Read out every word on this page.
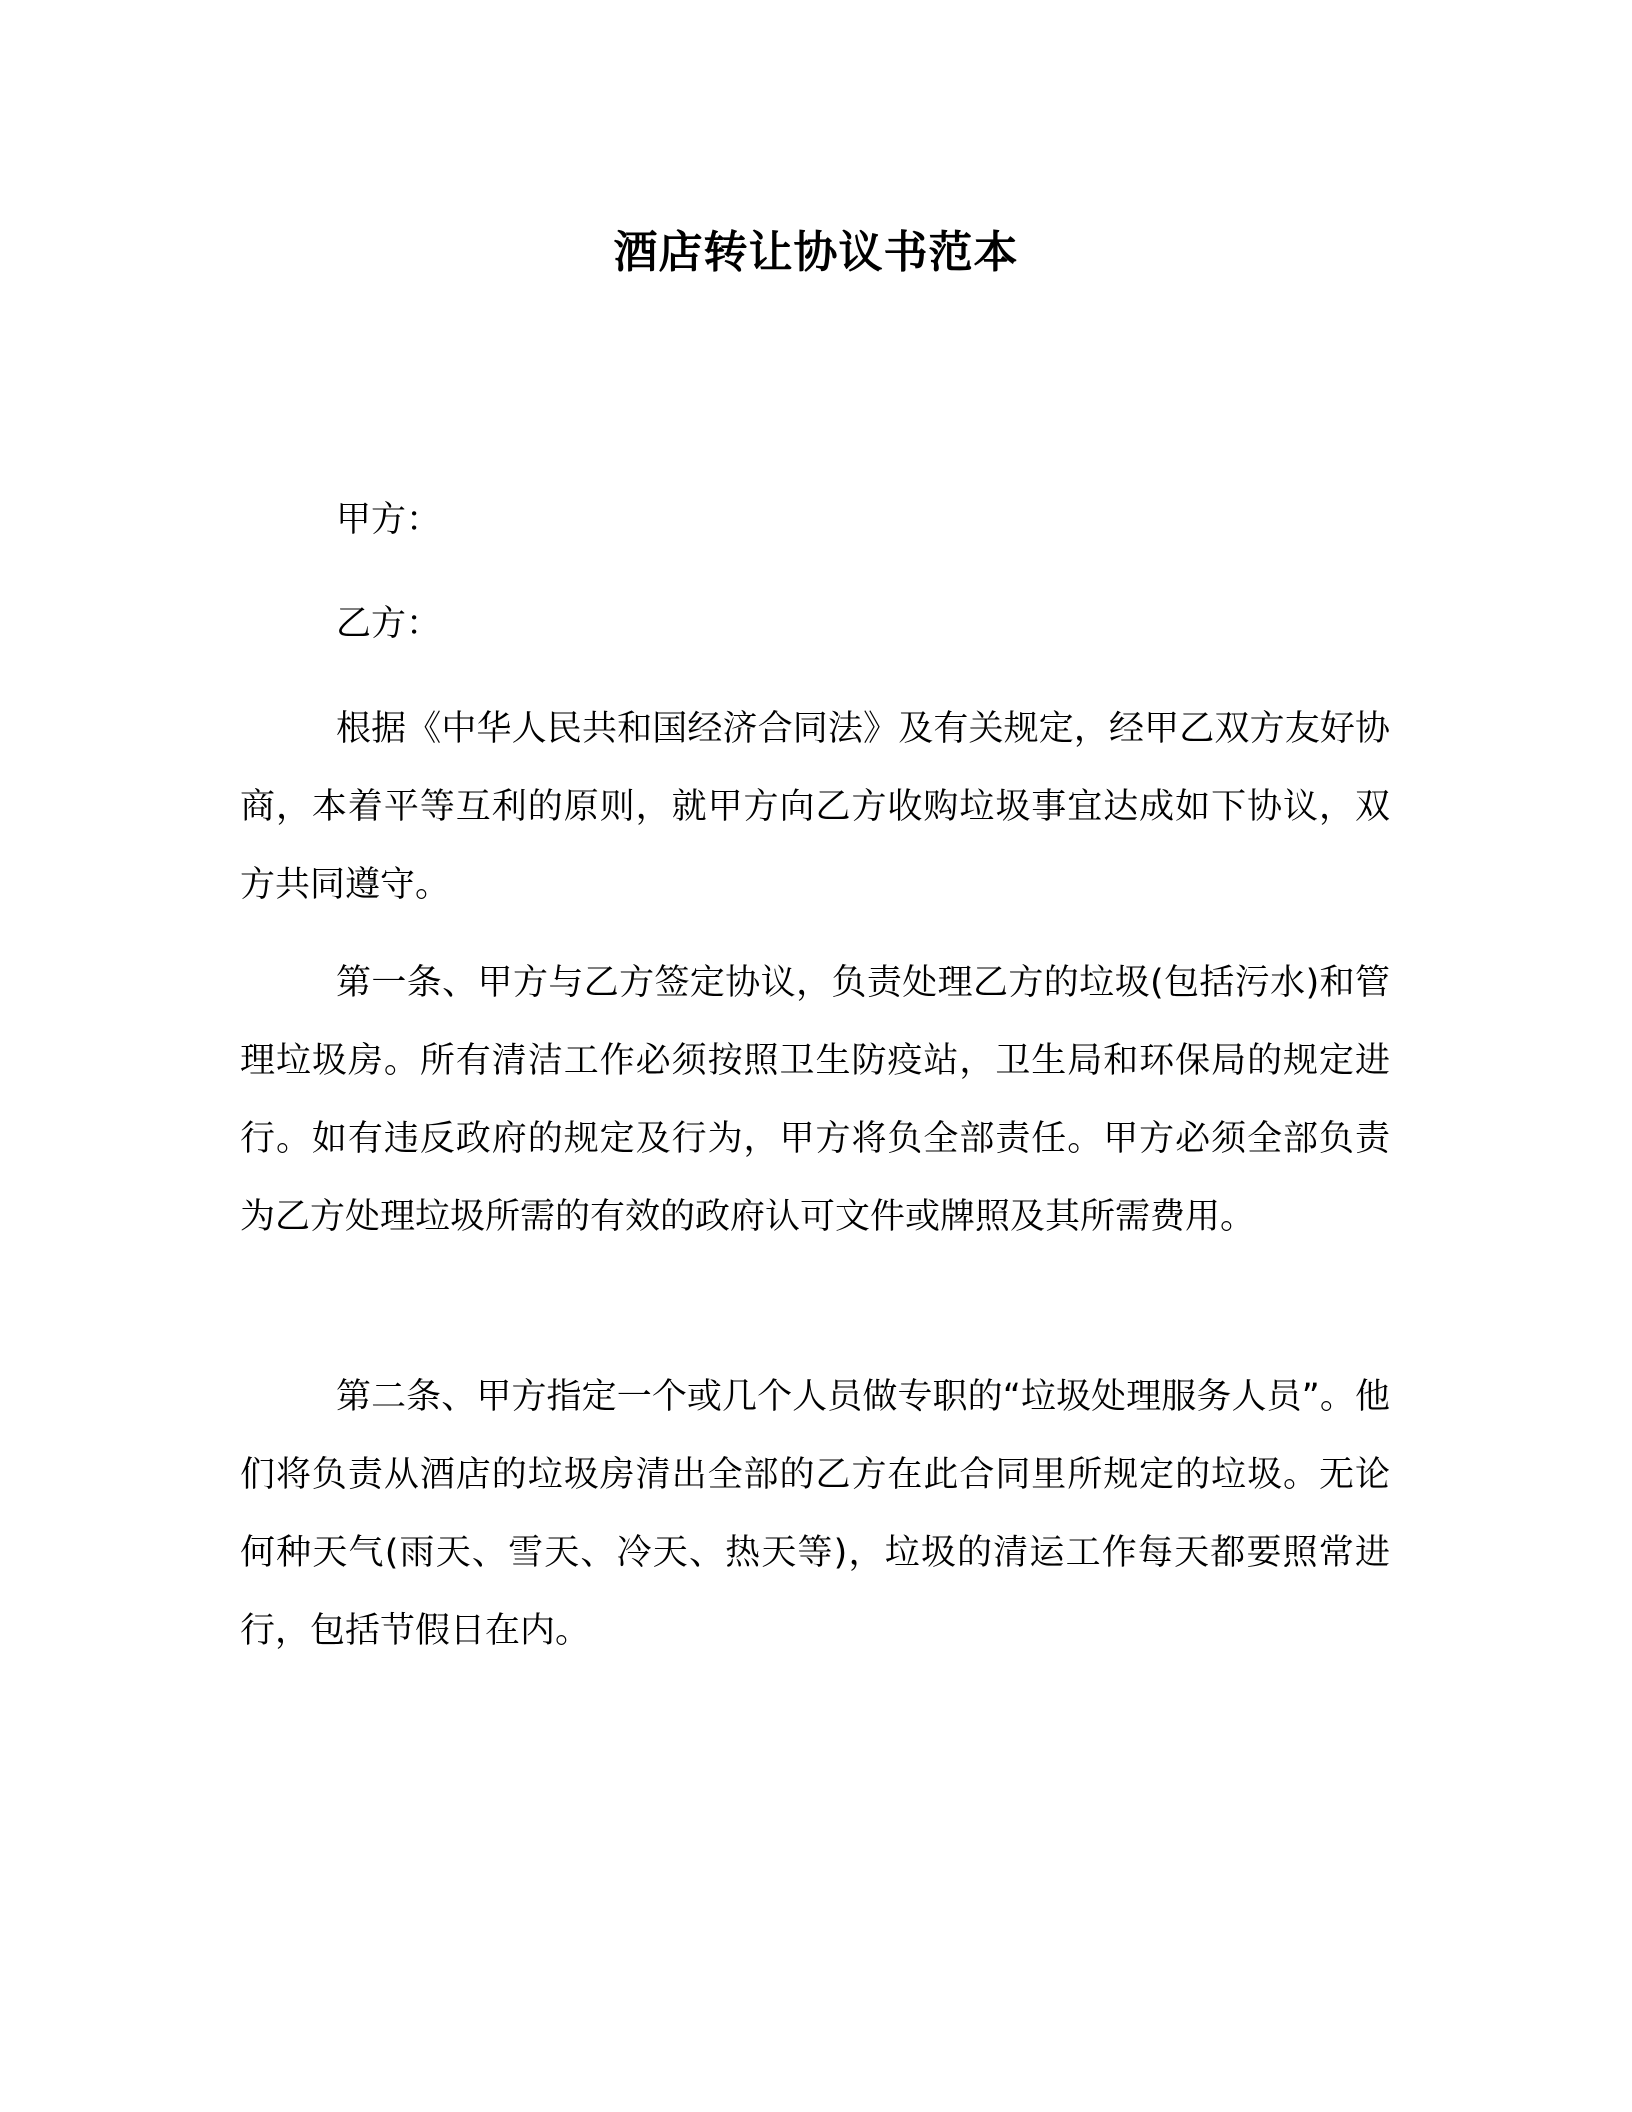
酒店转让协议书范本

甲方：

乙方：

根据《中华人民共和国经济合同法》及有关规定，经甲乙双方友好协商，本着平等互利的原则，就甲方向乙方收购垃圾事宜达成如下协议，双方共同遵守。

第一条、甲方与乙方签定协议，负责处理乙方的垃圾(包括污水)和管理垃圾房。所有清洁工作必须按照卫生防疫站，卫生局和环保局的规定进行。如有违反政府的规定及行为，甲方将负全部责任。甲方必须全部负责为乙方处理垃圾所需的有效的政府认可文件或牌照及其所需费用。

第二条、甲方指定一个或几个人员做专职的“垃圾处理服务人员”。他们将负责从酒店的垃圾房清出全部的乙方在此合同里所规定的垃圾。无论何种天气(雨天、雪天、冷天、热天等)，垃圾的清运工作每天都要照常进行，包括节假日在内。
